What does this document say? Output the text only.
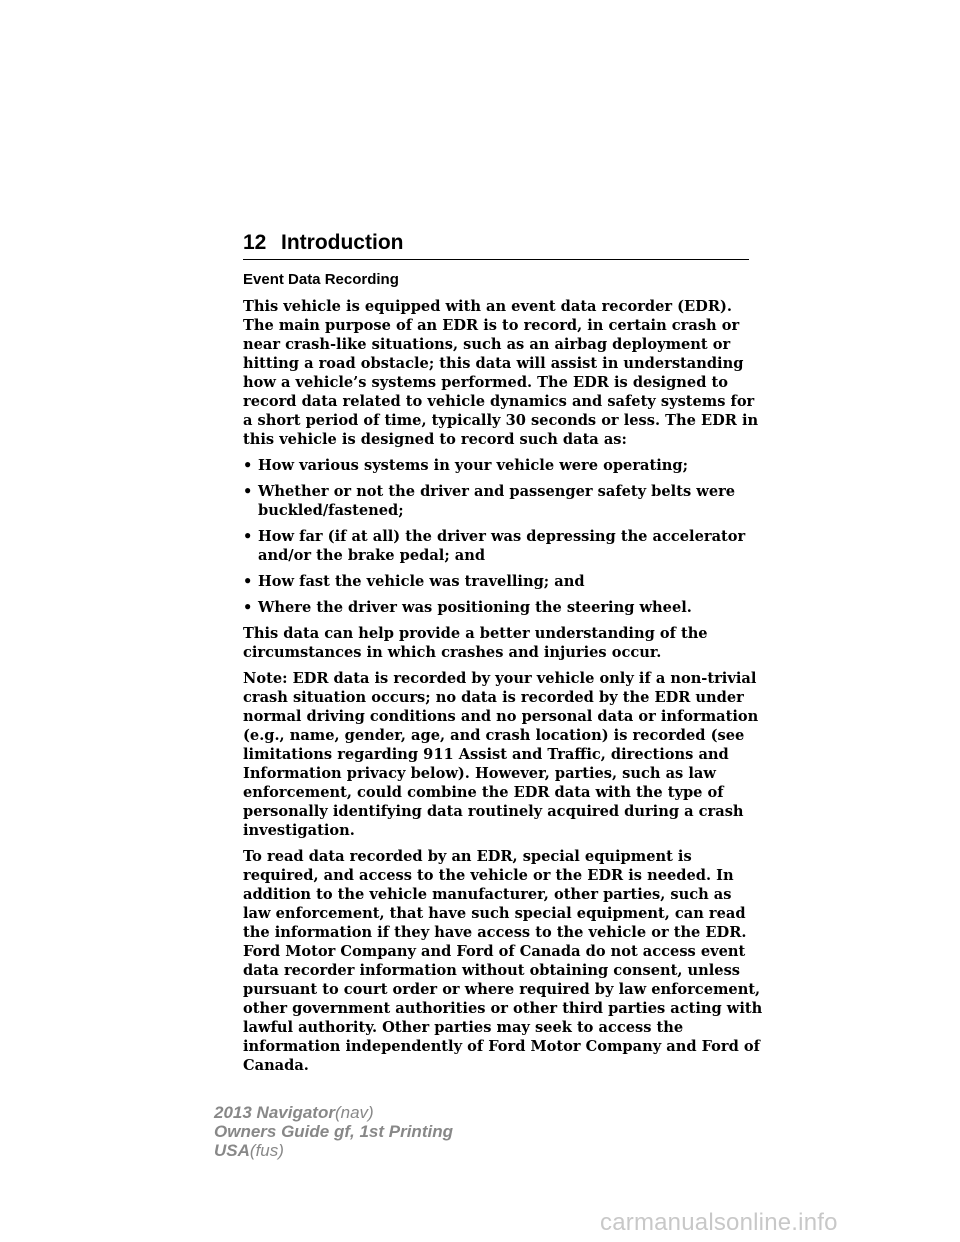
12 Introduction
Event Data Recording

This vehicle is equipped with an event data recorder (EDR). The main purpose of an EDR is to record, in certain crash or near crash-like situations, such as an airbag deployment or hitting a road obstacle; this data will assist in understanding how a vehicle’s systems performed. The EDR is designed to record data related to vehicle dynamics and safety systems for a short period of time, typically 30 seconds or less. The EDR in this vehicle is designed to record such data as:

• How various systems in your vehicle were operating;
• Whether or not the driver and passenger safety belts were buckled/fastened;
• How far (if at all) the driver was depressing the accelerator and/or the brake pedal; and
• How fast the vehicle was travelling; and
• Where the driver was positioning the steering wheel.

This data can help provide a better understanding of the circumstances in which crashes and injuries occur.

Note: EDR data is recorded by your vehicle only if a non-trivial crash situation occurs; no data is recorded by the EDR under normal driving conditions and no personal data or information (e.g., name, gender, age, and crash location) is recorded (see limitations regarding 911 Assist and Traffic, directions and Information privacy below). However, parties, such as law enforcement, could combine the EDR data with the type of personally identifying data routinely acquired during a crash investigation.

To read data recorded by an EDR, special equipment is required, and access to the vehicle or the EDR is needed. In addition to the vehicle manufacturer, other parties, such as law enforcement, that have such special equipment, can read the information if they have access to the vehicle or the EDR. Ford Motor Company and Ford of Canada do not access event data recorder information without obtaining consent, unless pursuant to court order or where required by law enforcement, other government authorities or other third parties acting with lawful authority. Other parties may seek to access the information independently of Ford Motor Company and Ford of Canada.

2013 Navigator(nav)
Owners Guide gf, 1st Printing
USA(fus)
carmanualsonline.info
